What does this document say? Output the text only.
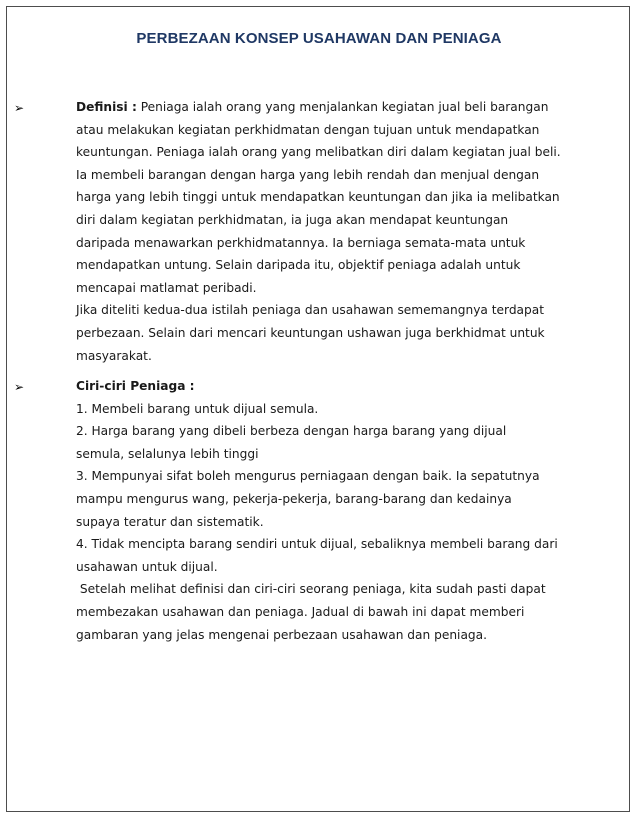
PERBEZAAN KONSEP USAHAWAN DAN PENIAGA
➢	Definisi : Peniaga ialah orang yang menjalankan kegiatan jual beli barangan
atau melakukan kegiatan perkhidmatan dengan tujuan untuk mendapatkan
keuntungan. Peniaga ialah orang yang melibatkan diri dalam kegiatan jual beli.
Ia membeli barangan dengan harga yang lebih rendah dan menjual dengan
harga yang lebih tinggi untuk mendapatkan keuntungan dan jika ia melibatkan
diri dalam kegiatan perkhidmatan, ia juga akan mendapat keuntungan
daripada menawarkan perkhidmatannya. Ia berniaga semata-mata untuk
mendapatkan untung. Selain daripada itu, objektif peniaga adalah untuk
mencapai matlamat peribadi.
Jika diteliti kedua-dua istilah peniaga dan usahawan sememangnya terdapat
perbezaan. Selain dari mencari keuntungan ushawan juga berkhidmat untuk
masyarakat.
➢	Ciri-ciri Peniaga :
1. Membeli barang untuk dijual semula.
2. Harga barang yang dibeli berbeza dengan harga barang yang dijual
semula, selalunya lebih tinggi
3. Mempunyai sifat boleh mengurus perniagaan dengan baik. Ia sepatutnya
mampu mengurus wang, pekerja-pekerja, barang-barang dan kedainya
supaya teratur dan sistematik.
4. Tidak mencipta barang sendiri untuk dijual, sebaliknya membeli barang dari
usahawan untuk dijual.
Setelah melihat definisi dan ciri-ciri seorang peniaga, kita sudah pasti dapat
membezakan usahawan dan peniaga. Jadual di bawah ini dapat memberi
gambaran yang jelas mengenai perbezaan usahawan dan peniaga.
